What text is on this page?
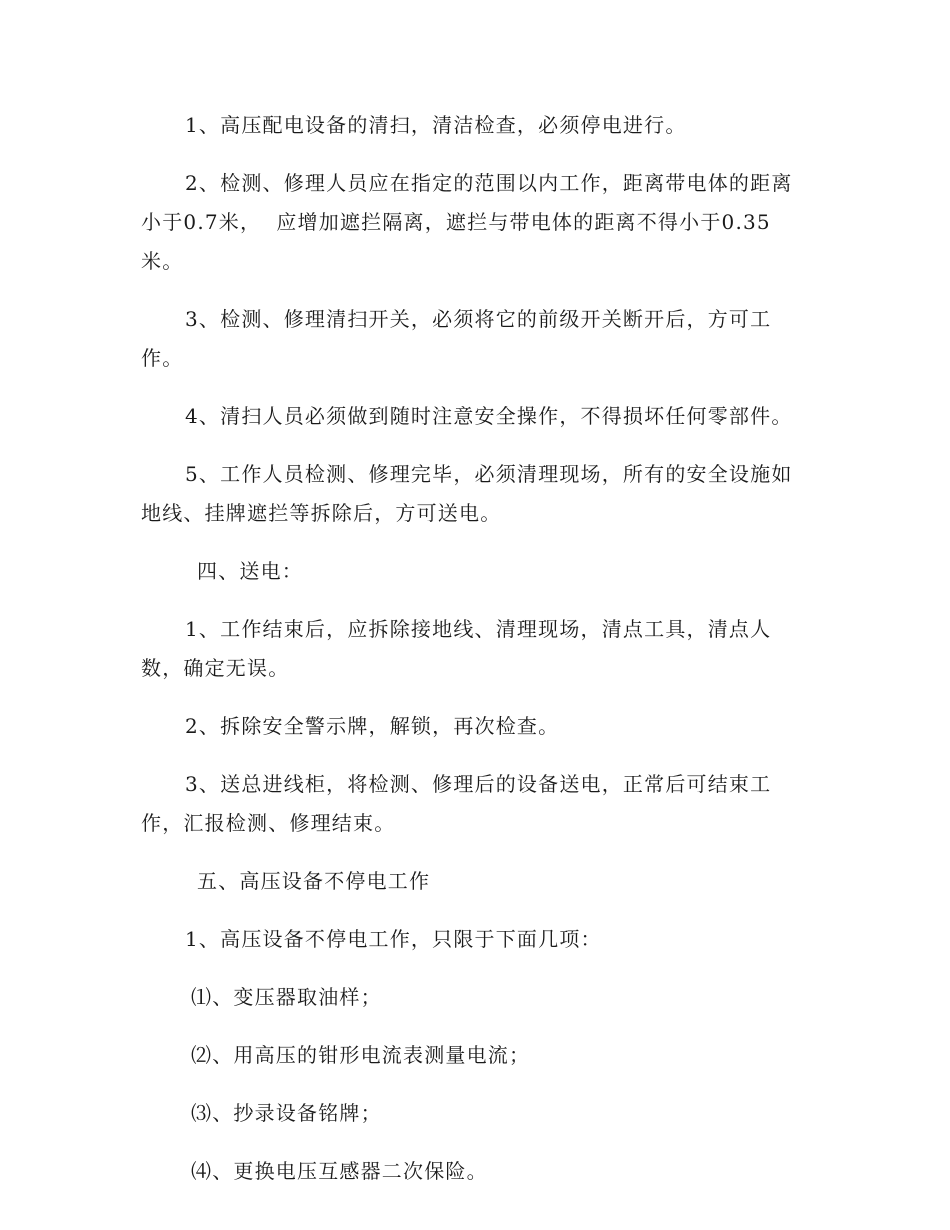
1、高压配电设备的清扫，清洁检查，必须停电进行。

2、检测、修理人员应在指定的范围以内工作，距离带电体的距离小于0.7米，  应增加遮拦隔离，遮拦与带电体的距离不得小于0.35米。

3、检测、修理清扫开关，必须将它的前级开关断开后，方可工作。

4、清扫人员必须做到随时注意安全操作，不得损坏任何零部件。

5、工作人员检测、修理完毕，必须清理现场，所有的安全设施如地线、挂牌遮拦等拆除后，方可送电。

四、送电：

1、工作结束后，应拆除接地线、清理现场，清点工具，清点人数，确定无误。

2、拆除安全警示牌，解锁，再次检查。

3、送总进线柜，将检测、修理后的设备送电，正常后可结束工作，汇报检测、修理结束。

五、高压设备不停电工作

1、高压设备不停电工作，只限于下面几项：

⑴、变压器取油样；

⑵、用高压的钳形电流表测量电流；

⑶、抄录设备铭牌；

⑷、更换电压互感器二次保险。
